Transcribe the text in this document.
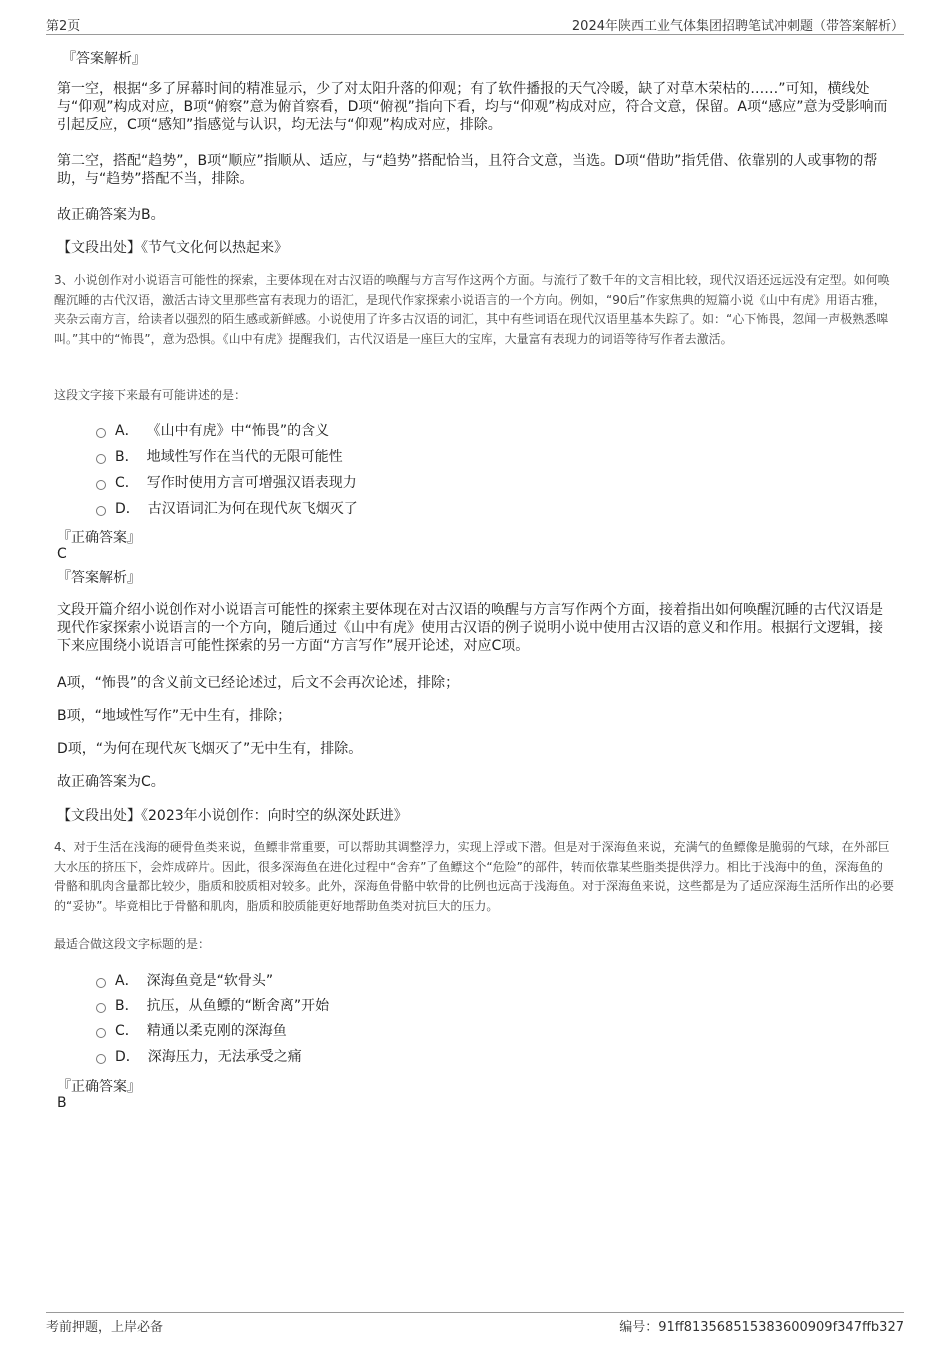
第2页	2024年陕西工业气体集团招聘笔试冲刺题（带答案解析）
『答案解析』
第一空，根据“多了屏幕时间的精准显示，少了对太阳升落的仰观；有了软件播报的天气冷暖，缺了对草木荣枯的……”可知，横线处与“仰观”构成对应，B项“俯察”意为俯首察看，D项“俯视”指向下看，均与“仰观”构成对应，符合文意，保留。A项“感应”意为受影响而引起反应，C项“感知”指感觉与认识，均无法与“仰观”构成对应，排除。
第二空，搭配“趋势”，B项“顺应”指顺从、适应，与“趋势”搭配恰当，且符合文意，当选。D项“借助”指凭借、依靠别的人或事物的帮助，与“趋势”搭配不当，排除。
故正确答案为B。
【文段出处】《节气文化何以热起来》
3、小说创作对小说语言可能性的探索，主要体现在对古汉语的唤醒与方言写作这两个方面。与流行了数千年的文言相比较，现代汉语还远远没有定型。如何唤醒沉睡的古代汉语，激活古诗文里那些富有表现力的语汇，是现代作家探索小说语言的一个方向。例如，“90后”作家焦典的短篇小说《山中有虎》用语古雅，夹杂云南方言，给读者以强烈的陌生感或新鲜感。小说使用了许多古汉语的词汇，其中有些词语在现代汉语里基本失踪了。如：“心下怖畏，忽闻一声极熟悉嗥叫。”其中的“怖畏”，意为恐惧。《山中有虎》提醒我们，古代汉语是一座巨大的宝库，大量富有表现力的词语等待写作者去激活。
这段文字接下来最有可能讲述的是：
A． 《山中有虎》中“怖畏”的含义
B． 地域性写作在当代的无限可能性
C． 写作时使用方言可增强汉语表现力
D． 古汉语词汇为何在现代灰飞烟灭了
『正确答案』
C
『答案解析』
文段开篇介绍小说创作对小说语言可能性的探索主要体现在对古汉语的唤醒与方言写作两个方面，接着指出如何唤醒沉睡的古代汉语是现代作家探索小说语言的一个方向，随后通过《山中有虎》使用古汉语的例子说明小说中使用古汉语的意义和作用。根据行文逻辑，接下来应围绕小说语言可能性探索的另一方面“方言写作”展开论述，对应C项。
A项，“怖畏”的含义前文已经论述过，后文不会再次论述，排除；
B项，“地域性写作”无中生有，排除；
D项，“为何在现代灰飞烟灭了”无中生有，排除。
故正确答案为C。
【文段出处】《2023年小说创作：向时空的纵深处跃进》
4、对于生活在浅海的硬骨鱼类来说，鱼鳔非常重要，可以帮助其调整浮力，实现上浮或下潜。但是对于深海鱼来说，充满气的鱼鳔像是脆弱的气球，在外部巨大水压的挤压下，会炸成碎片。因此，很多深海鱼在进化过程中“舍弃”了鱼鳔这个“危险”的部件，转而依靠某些脂类提供浮力。相比于浅海中的鱼，深海鱼的骨骼和肌肉含量都比较少，脂质和胶质相对较多。此外，深海鱼骨骼中软骨的比例也远高于浅海鱼。对于深海鱼来说，这些都是为了适应深海生活所作出的必要的“妥协”。毕竟相比于骨骼和肌肉，脂质和胶质能更好地帮助鱼类对抗巨大的压力。
最适合做这段文字标题的是：
A． 深海鱼竟是“软骨头”
B． 抗压，从鱼鳔的“断舍离”开始
C． 精通以柔克刚的深海鱼
D． 深海压力，无法承受之痛
『正确答案』
B
考前押题，上岸必备	编号：91ff813568515383600909f347ffb327
